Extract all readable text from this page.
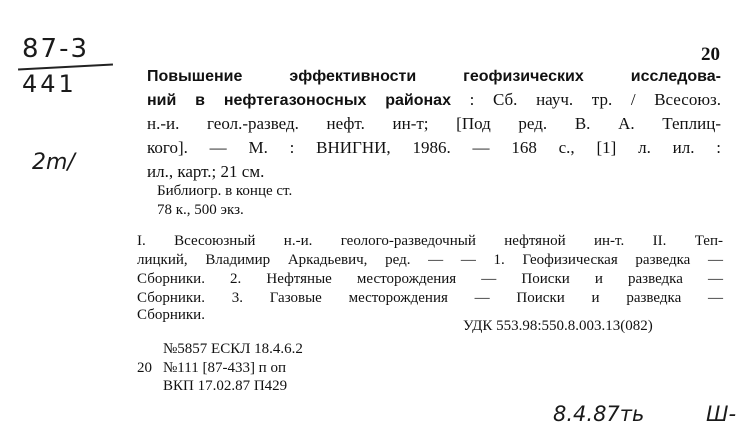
87-3
441
2m/
20
Повышение эффективности геофизических исследова-
ний в нефтегазоносных районах : Сб. науч. тр. / Всесоюз.
н.-и. геол.-развед. нефт. ин-т; [Под ред. В. А. Теплиц-
кого]. — М. : ВНИГНИ, 1986. — 168 с., [1] л. ил. :
ил., карт.; 21 см.
Библиогр. в конце ст.
78 к., 500 экз.
I. Всесоюзный н.-и. геолого-разведочный нефтяной ин-т. II. Теп-
лицкий, Владимир Аркадьевич, ред. — — 1. Геофизическая разведка —
Сборники. 2. Нефтяные месторождения — Поиски и разведка —
Сборники. 3. Газовые месторождения — Поиски и разведка —
Сборники.
УДК 553.98:550.8.003.13(082)
№5857 ЕСКЛ 18.4.6.2
20 №111 [87-433] п оп
ВКП 17.02.87 П429
8.4.87ть	Ш-
